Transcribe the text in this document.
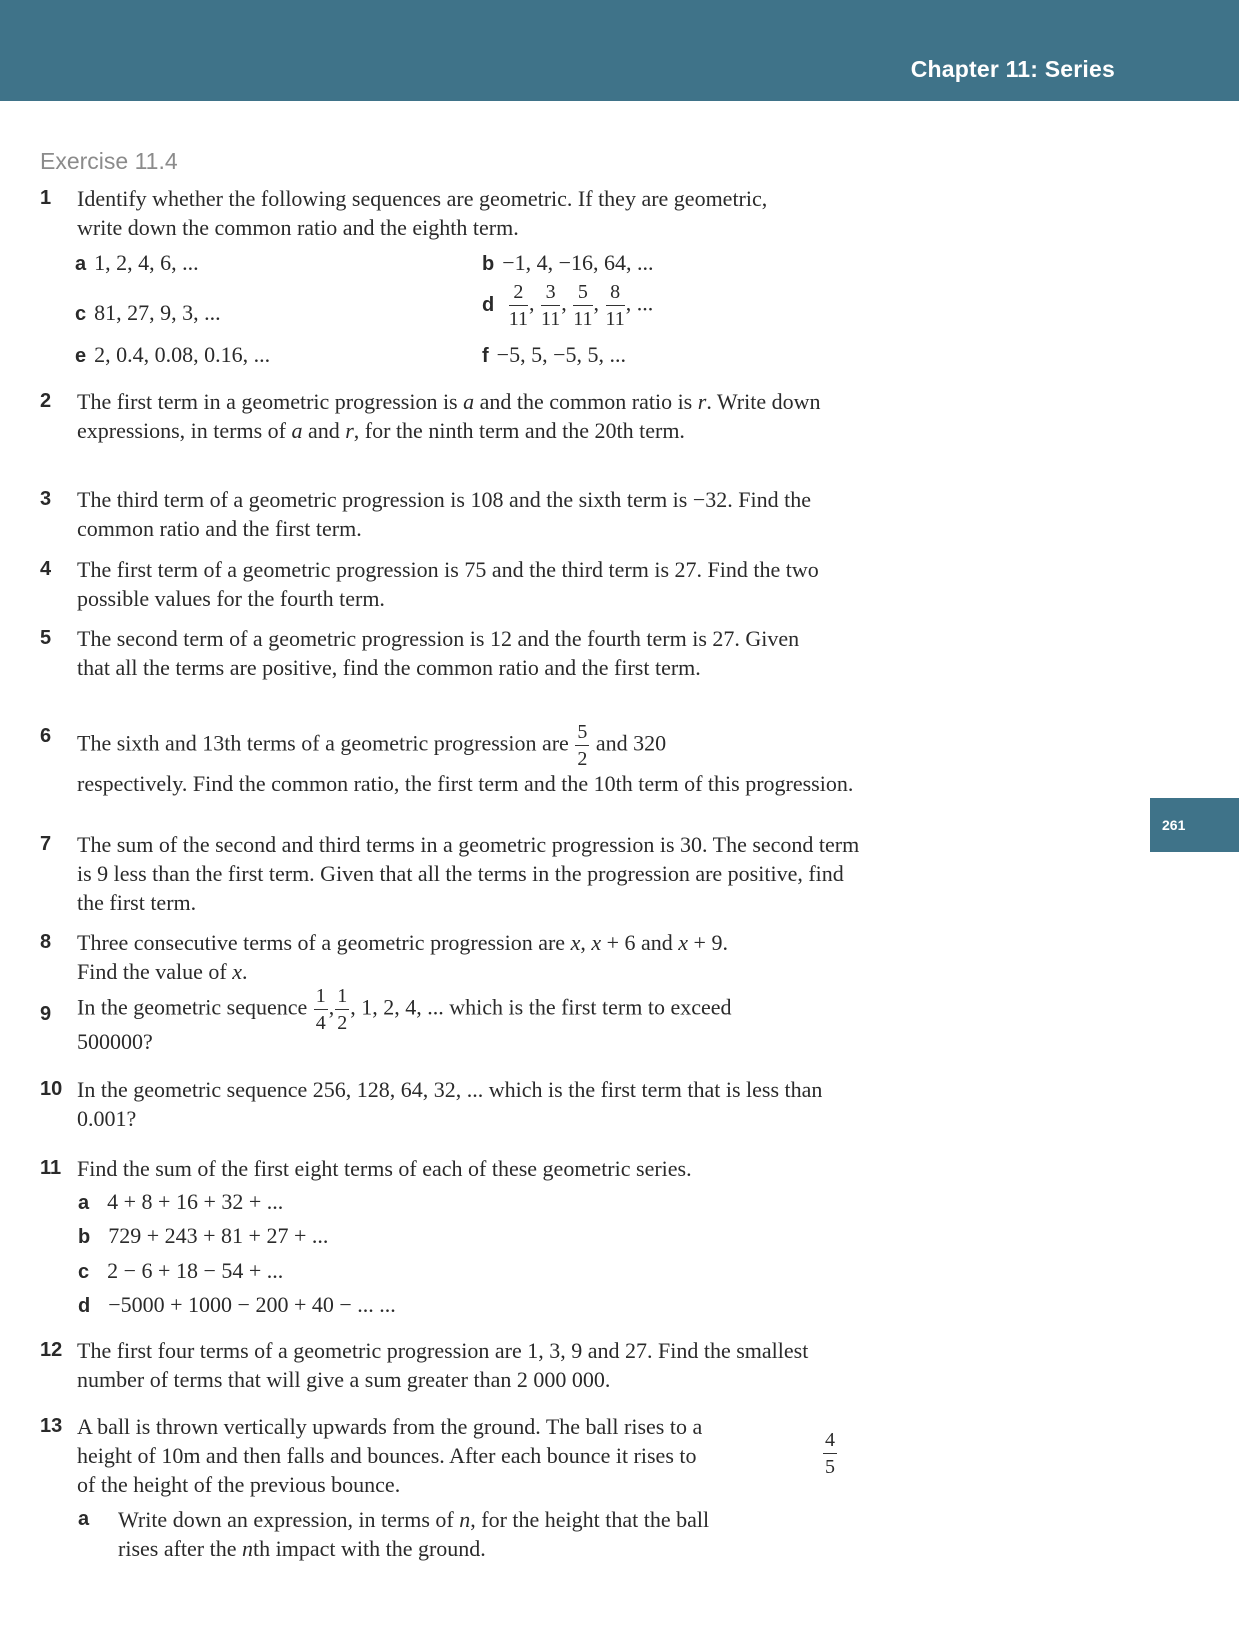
Chapter 11: Series
261
Exercise 11.4
1 Identify whether the following sequences are geometric. If they are geometric, write down the common ratio and the eighth term.
a 1, 2, 4, 6, ...	b −1, 4, −16, 64, ...
c 81, 27, 9, 3, ...	d $\frac{2}{11}$ , $\frac{3}{11}$ , $\frac{5}{11}$ , $\frac{8}{11}$ , ...
e 2, 0.4, 0.08, 0.16, ...	f −5, 5, −5, 5, ...
2 The first term in a geometric progression is a and the common ratio is r. Write down expressions, in terms of a and r, for the ninth term and the 20th term.
3 The third term of a geometric progression is 108 and the sixth term is −32. Find the common ratio and the first term.
4 The first term of a geometric progression is 75 and the third term is 27. Find the two possible values for the fourth term.
5 The second term of a geometric progression is 12 and the fourth term is 27. Given that all the terms are positive, find the common ratio and the first term.
6 The sixth and 13th terms of a geometric progression are $\frac{5}{2}$ and 320
respectively. Find the common ratio, the first term and the 10th term of this progression.
7 The sum of the second and third terms in a geometric progression is 30. The second term is 9 less than the first term. Given that all the terms in the progression are positive, find the first term.
8 Three consecutive terms of a geometric progression are x, x + 6 and x + 9.
Find the value of x.
9 In the geometric sequence $\frac{1}{4}$ , $\frac{1}{2}$ , 1, 2, 4, ... which is the first term to exceed
500000?
10 In the geometric sequence 256, 128, 64, 32, ... which is the first term that is less than 0.001?
11 Find the sum of the first eight terms of each of these geometric series.
a 4 + 8 + 16 + 32 + ...
b 729 + 243 + 81 + 27 + ...
c 2 − 6 + 18 − 54 + ...
d −5000 + 1000 − 200 + 40 − ... ...
12 The first four terms of a geometric progression are 1, 3, 9 and 27. Find the smallest number of terms that will give a sum greater than 2 000 000.
13 A ball is thrown vertically upwards from the ground. The ball rises to a
height of 10m and then falls and bounces. After each bounce it rises to
of the height of the previous bounce.
$\frac{4}{5}$
a Write down an expression, in terms of n, for the height that the ball
rises after the nth impact with the ground.
